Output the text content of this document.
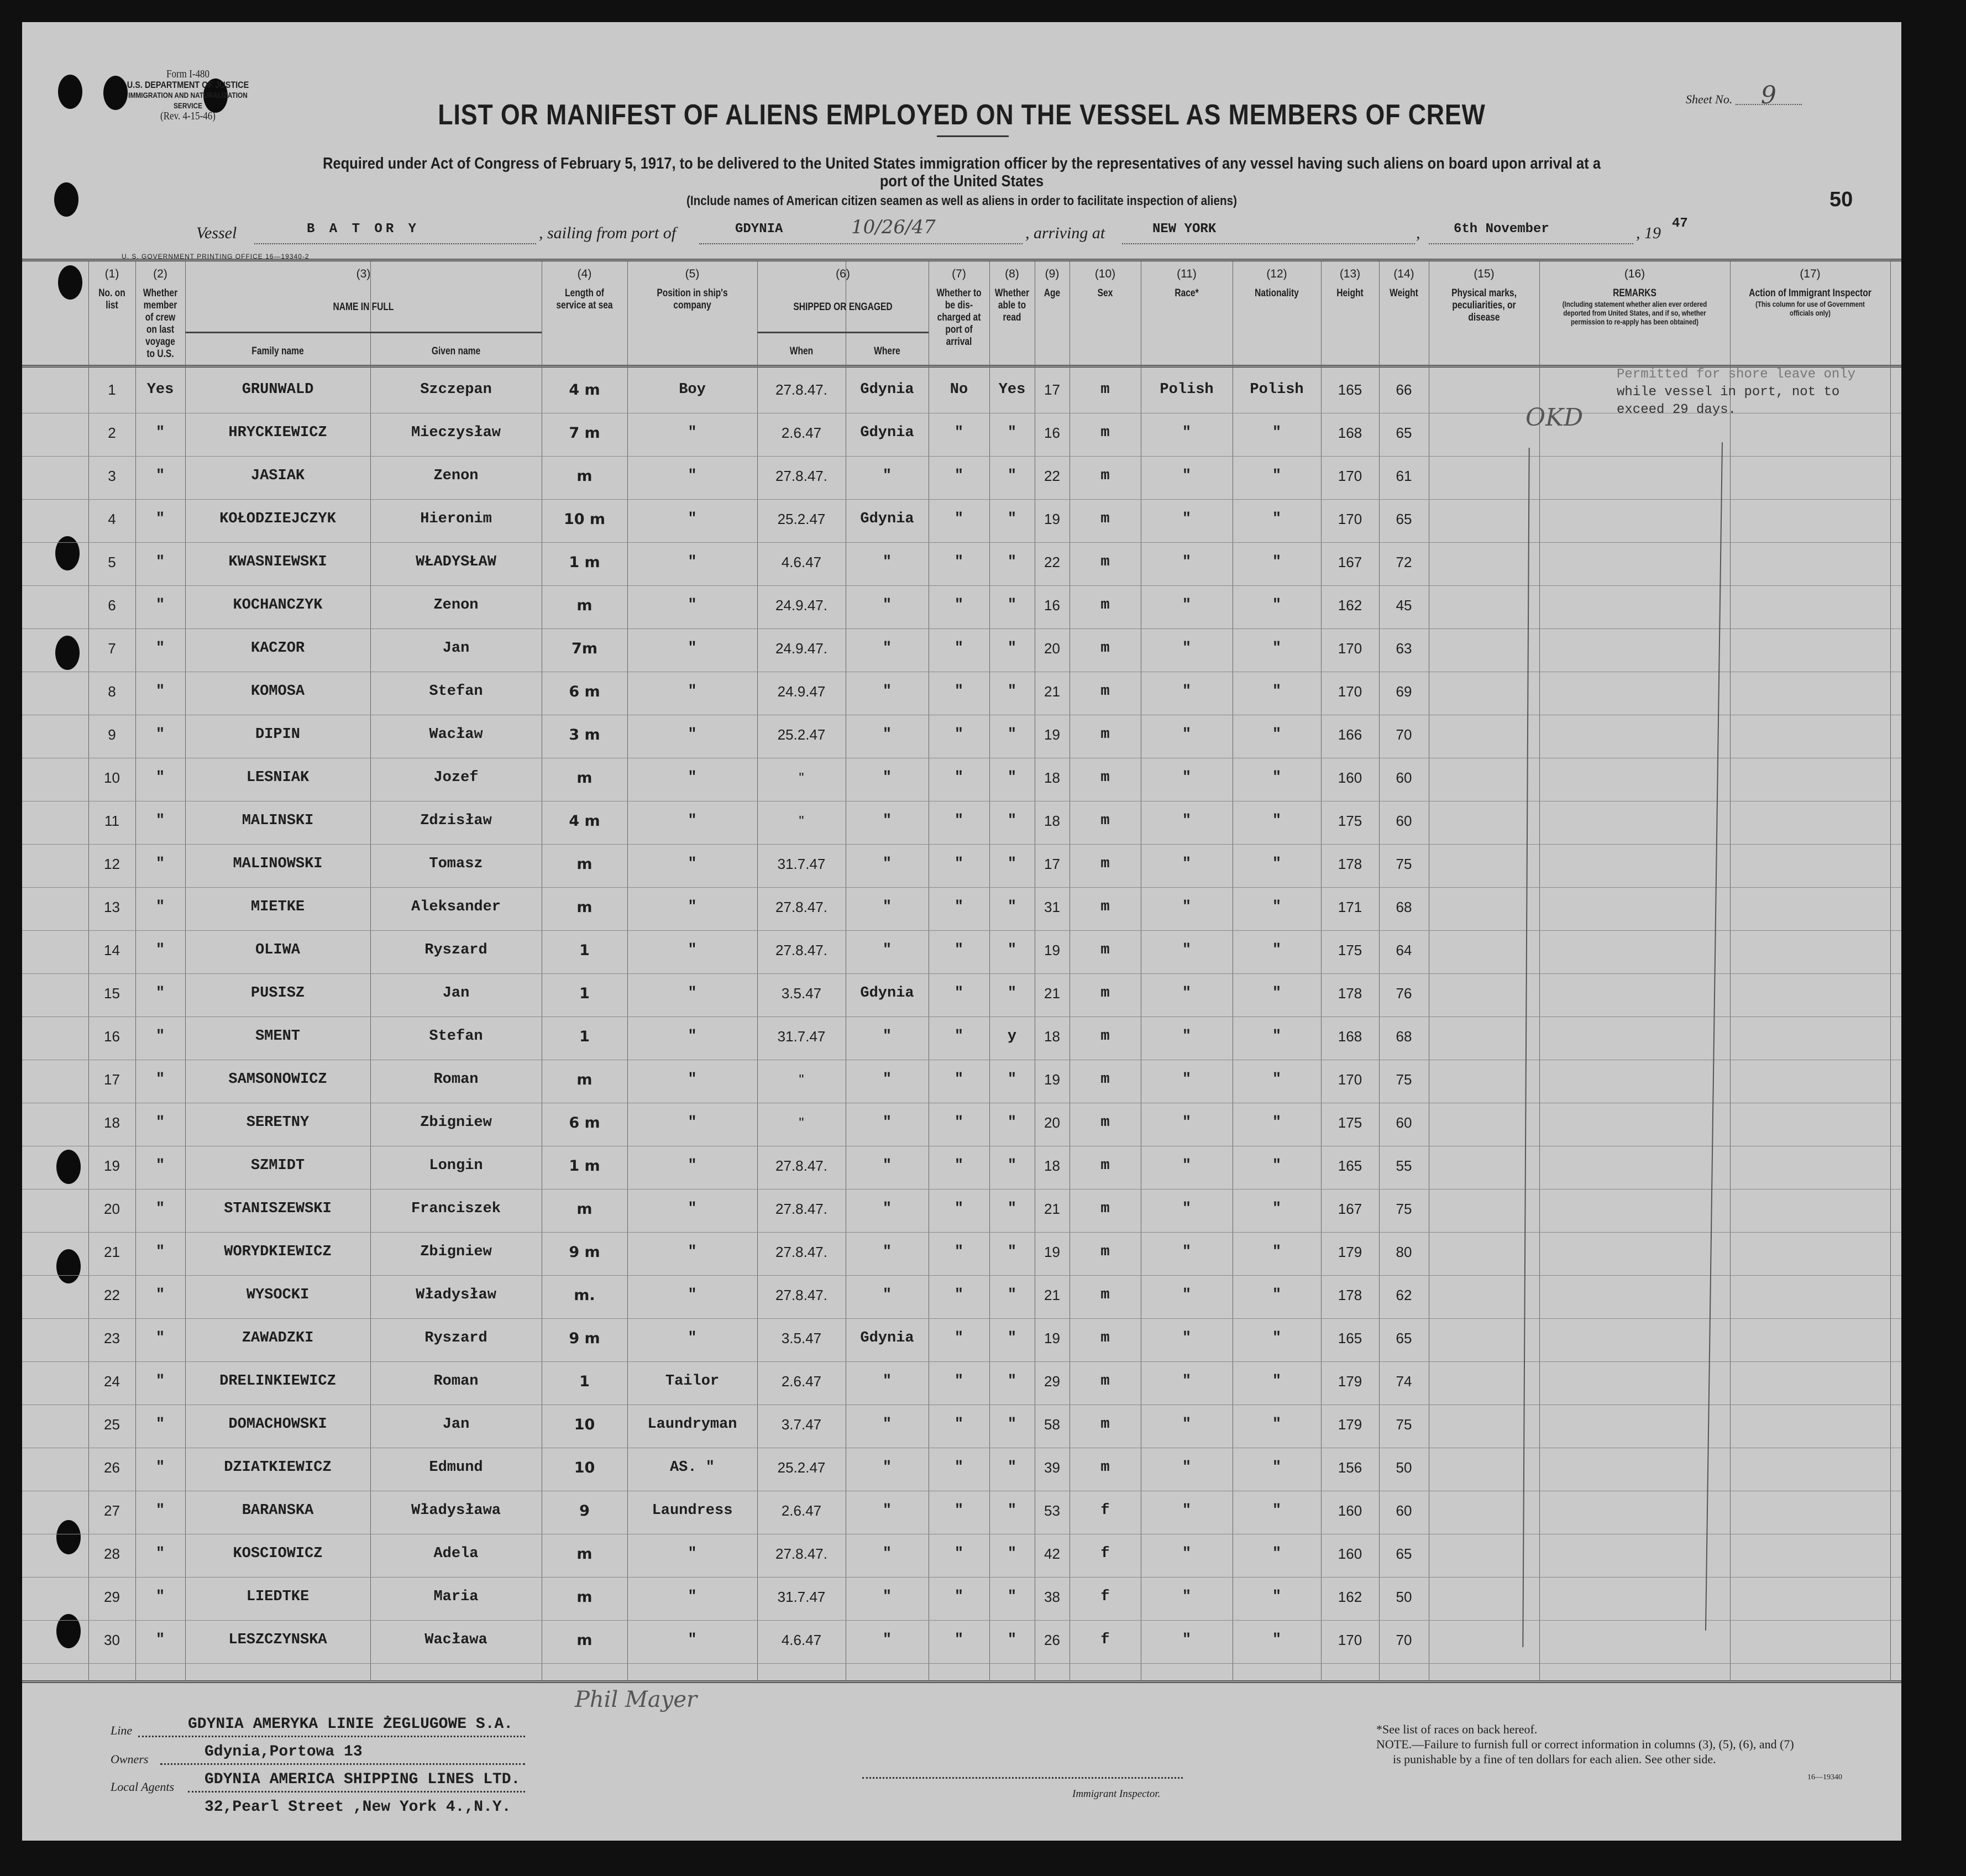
Form I-480
U.S. DEPARTMENT OF JUSTICE
IMMIGRATION AND NATURALIZATION SERVICE
(Rev. 4-15-46)
Sheet No. 9
LIST OR MANIFEST OF ALIENS EMPLOYED ON THE VESSEL AS MEMBERS OF CREW
Required under Act of Congress of February 5, 1917, to be delivered to the United States immigration officer by the representatives of any vessel having such aliens on board upon arrival at a
port of the United States
(Include names of American citizen seamen as well as aliens in order to facilitate inspection of aliens)	50
Vessel	B A T OR Y	, sailing from port of	GDYNIA	10/26/47	, arriving at	NEW YORK	,	6th November	, 19
47
U. S. GOVERNMENT PRINTING OFFICE 16—19340-2
(1)
No. on list
(2)
Whether member of crew on last voyage to U.S.
(3)
NAME IN FULL
Family name	Given name
(4)
Length of service at sea
(5)
Position in ship's company
(6)
SHIPPED OR ENGAGED
When	Where
(7)
Whether to be dis-charged at port of arrival
(8)
Whether able to read
(9)
Age
(10)
Sex
(11)
Race*
(12)
Nationality
(13)
Height
(14)
Weight
(15)
Physical marks, peculiarities, or disease
(16)
REMARKS
(Including statement whether alien ever ordered deported from United States, and if so, whether permission to re-apply has been obtained)
(17)
Action of Immigrant Inspector
(This column for use of Government officials only)
1	Yes	GRUNWALD	Szczepan	4 m	Boy	27.8.47.	Gdynia	No	Yes	17	m	Polish	Polish	165	66
2	"	HRYCKIEWICZ	Mieczysław	7 m	"	2.6.47	Gdynia	"	"	16	m	"	"	168	65
3	"	JASIAK	Zenon	m	"	27.8.47.	"	"	"	22	m	"	"	170	61
4	"	KOŁODZIEJCZYK	Hieronim	10 m	"	25.2.47	Gdynia	"	"	19	m	"	"	170	65
5	"	KWASNIEWSKI	WŁADYSŁAW	1 m	"	4.6.47	"	"	"	22	m	"	"	167	72
6	"	KOCHANCZYK	Zenon	m	"	24.9.47.	"	"	"	16	m	"	"	162	45
7	"	KACZOR	Jan	7m	"	24.9.47.	"	"	"	20	m	"	"	170	63
8	"	KOMOSA	Stefan	6 m	"	24.9.47	"	"	"	21	m	"	"	170	69
9	"	DIPIN	Wacław	3 m	"	25.2.47	"	"	"	19	m	"	"	166	70
10	"	LESNIAK	Jozef	m	"	"	"	"	"	18	m	"	"	160	60
11	"	MALINSKI	Zdzisław	4 m	"	"	"	"	"	18	m	"	"	175	60
12	"	MALINOWSKI	Tomasz	m	"	31.7.47	"	"	"	17	m	"	"	178	75
13	"	MIETKE	Aleksander	m	"	27.8.47.	"	"	"	31	m	"	"	171	68
14	"	OLIWA	Ryszard	1	"	27.8.47.	"	"	"	19	m	"	"	175	64
15	"	PUSISZ	Jan	1	"	3.5.47	Gdynia	"	"	21	m	"	"	178	76
16	"	SMENT	Stefan	1	"	31.7.47	"	"	y	18	m	"	"	168	68
17	"	SAMSONOWICZ	Roman	m	"	"	"	"	"	19	m	"	"	170	75
18	"	SERETNY	Zbigniew	6 m	"	"	"	"	"	20	m	"	"	175	60
19	"	SZMIDT	Longin	1 m	"	27.8.47.	"	"	"	18	m	"	"	165	55
20	"	STANISZEWSKI	Franciszek	m	"	27.8.47.	"	"	"	21	m	"	"	167	75
21	"	WORYDKIEWICZ	Zbigniew	9 m	"	27.8.47.	"	"	"	19	m	"	"	179	80
22	"	WYSOCKI	Władysław	m.	"	27.8.47.	"	"	"	21	m	"	"	178	62
23	"	ZAWADZKI	Ryszard	9 m	"	3.5.47	Gdynia	"	"	19	m	"	"	165	65
24	"	DRELINKIEWICZ	Roman	1	Tailor	2.6.47	"	"	"	29	m	"	"	179	74
25	"	DOMACHOWSKI	Jan	10	Laundryman	3.7.47	"	"	"	58	m	"	"	179	75
26	"	DZIATKIEWICZ	Edmund	10	AS. "	25.2.47	"	"	"	39	m	"	"	156	50
27	"	BARANSKA	Władysława	9	Laundress	2.6.47	"	"	"	53	f	"	"	160	60
28	"	KOSCIOWICZ	Adela	m	"	27.8.47.	"	"	"	42	f	"	"	160	65
29	"	LIEDTKE	Maria	m	"	31.7.47	"	"	"	38	f	"	"	162	50
30	"	LESZCZYNSKA	Wacława	m	"	4.6.47	"	"	"	26	f	"	"	170	70
OKD
Permitted for shore leave only
while vessel in port, not to
exceed 29 days.
Phil Mayer
Line	GDYNIA AMERYKA LINIE ŻEGLUGOWE S.A.
Owners	Gdynia,Portowa 13
Local Agents GDYNIA AMERICA SHIPPING LINES LTD.
32,Pearl Street ,New York 4.,N.Y.
Immigrant Inspector.
*See list of races on back hereof.
NOTE.—Failure to furnish full or correct information in columns (3), (5), (6), and (7)
is punishable by a fine of ten dollars for each alien. See other side.
16—19340
